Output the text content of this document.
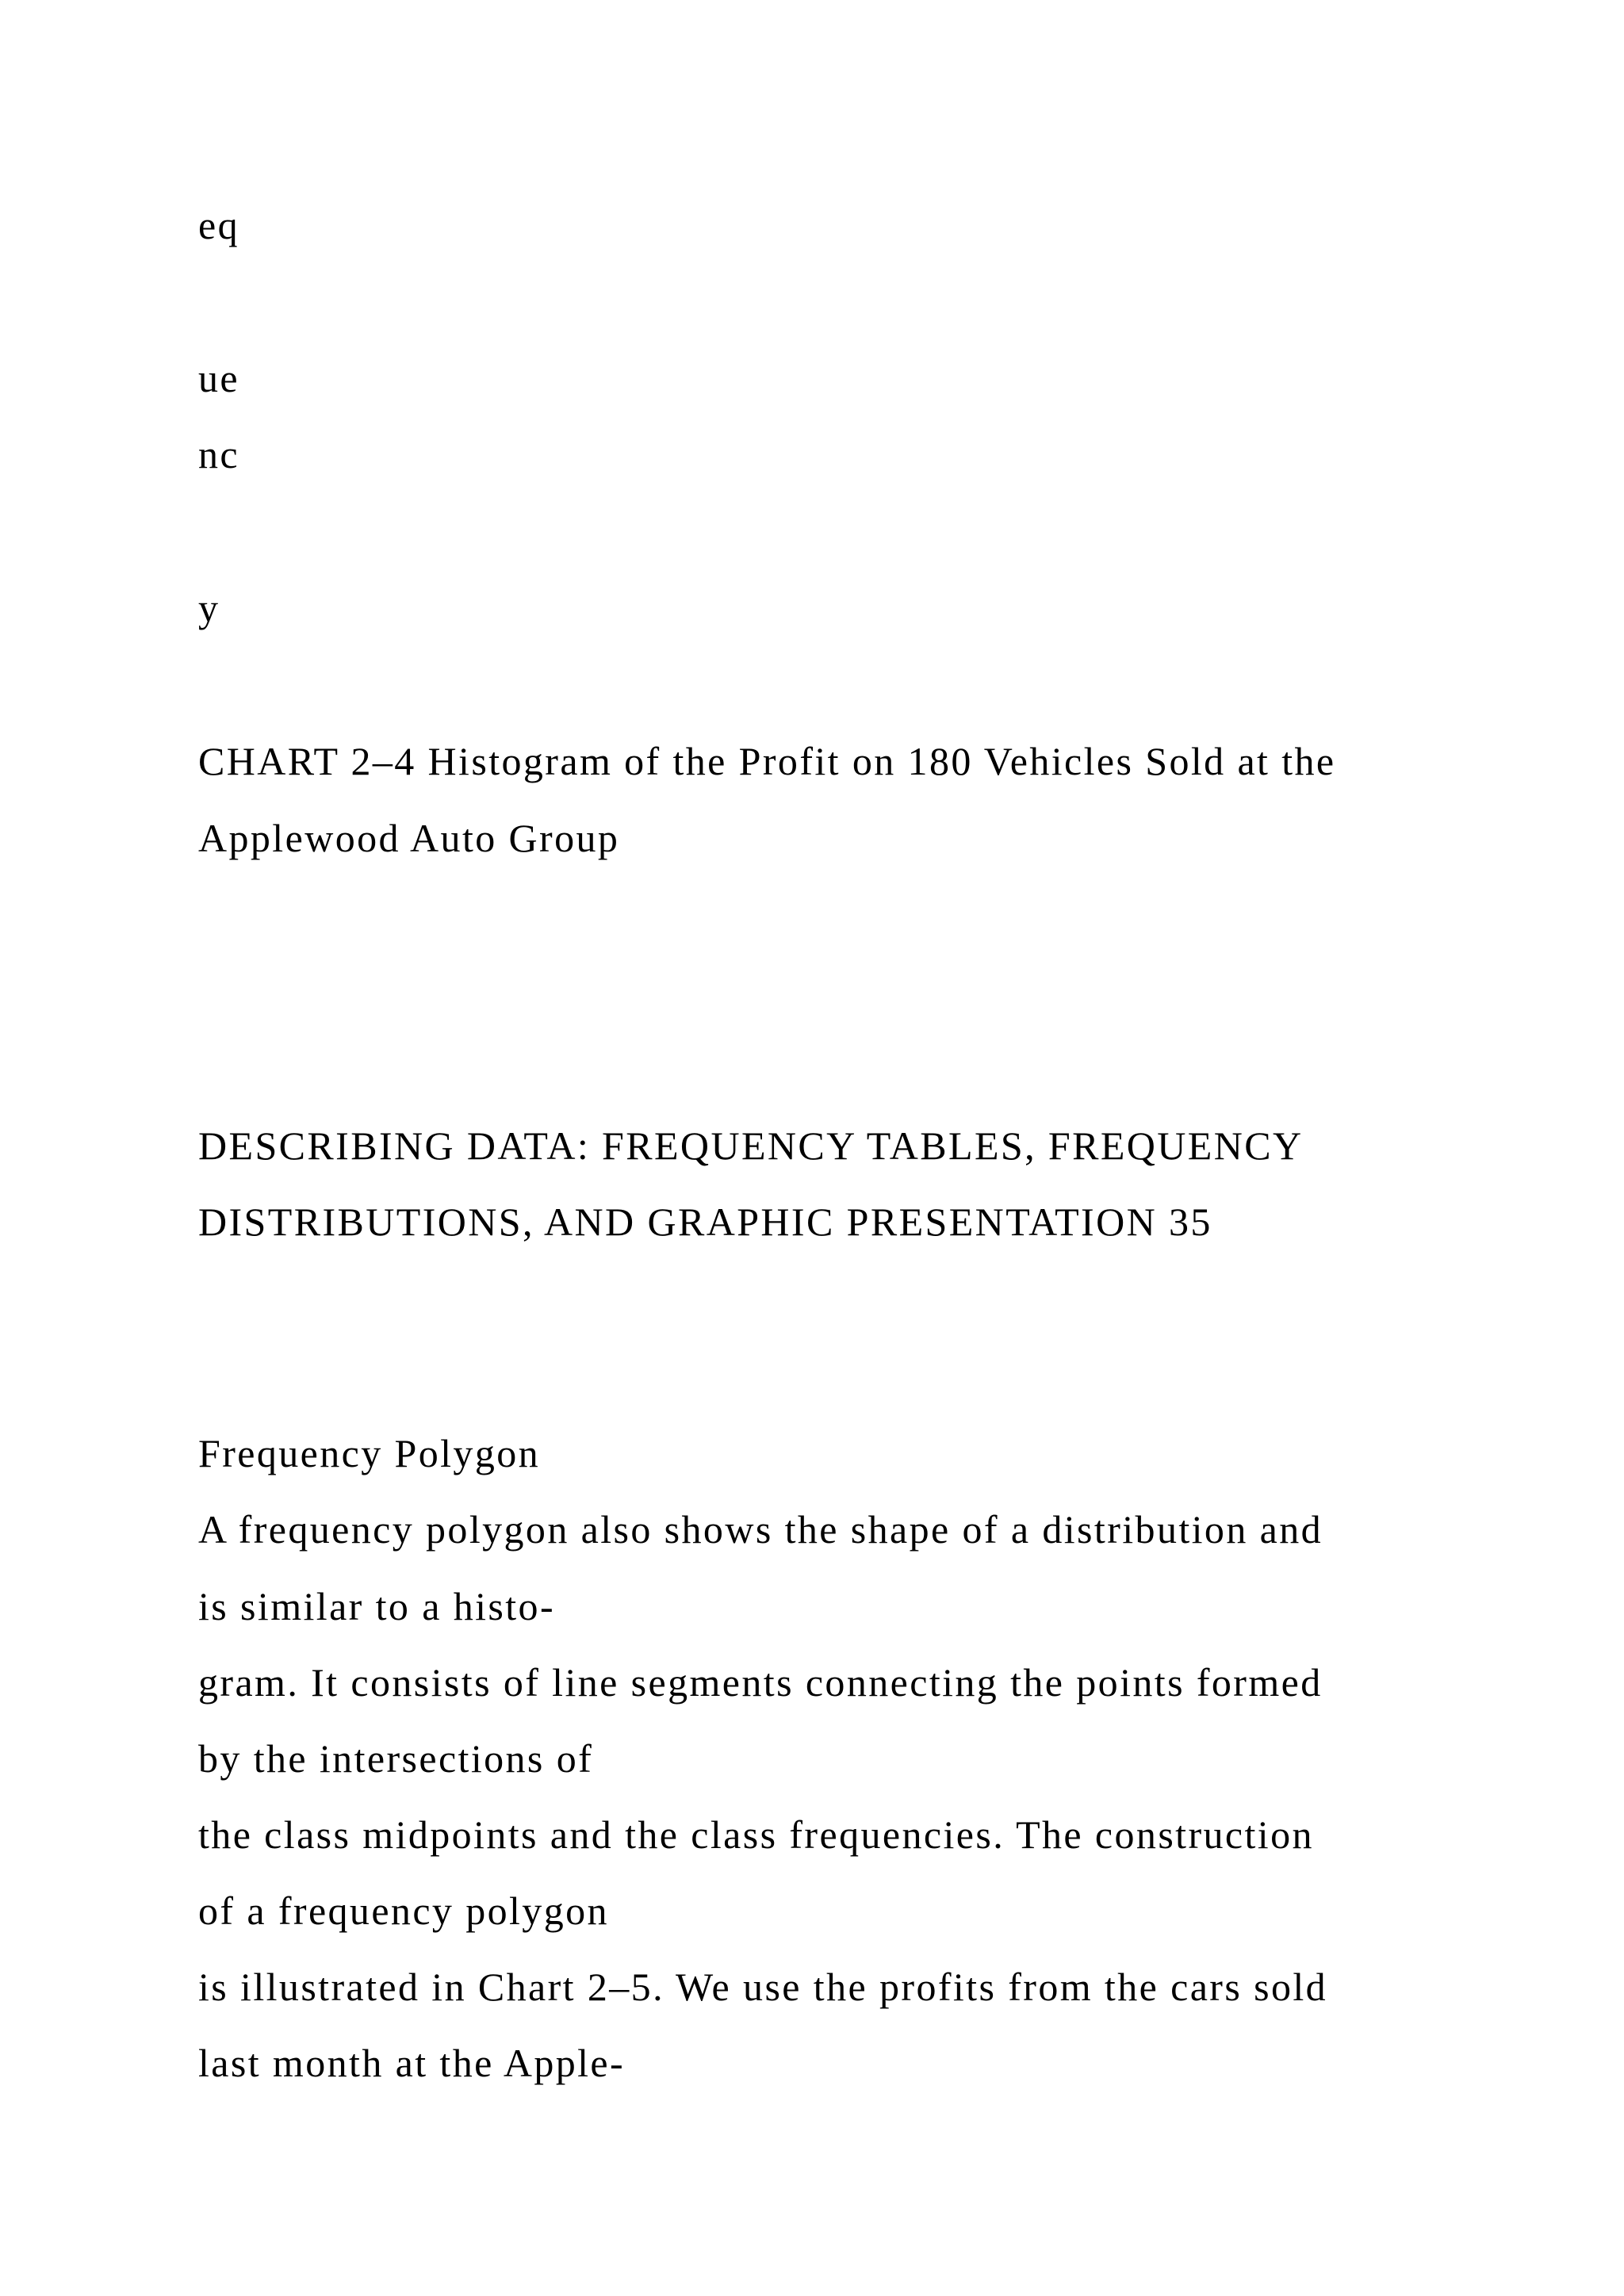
eq

ue

nc

y

CHART 2–4 Histogram of the Profit on 180 Vehicles Sold at the

Applewood Auto Group

DESCRIBING DATA: FREQUENCY TABLES, FREQUENCY

DISTRIBUTIONS, AND GRAPHIC PRESENTATION 35

Frequency Polygon

A frequency polygon also shows the shape of a distribution and

is similar to a histo-

gram. It consists of line segments connecting the points formed

by the intersections of

the class midpoints and the class frequencies. The construction

of a frequency polygon

is illustrated in Chart 2–5. We use the profits from the cars sold

last month at the Apple-
